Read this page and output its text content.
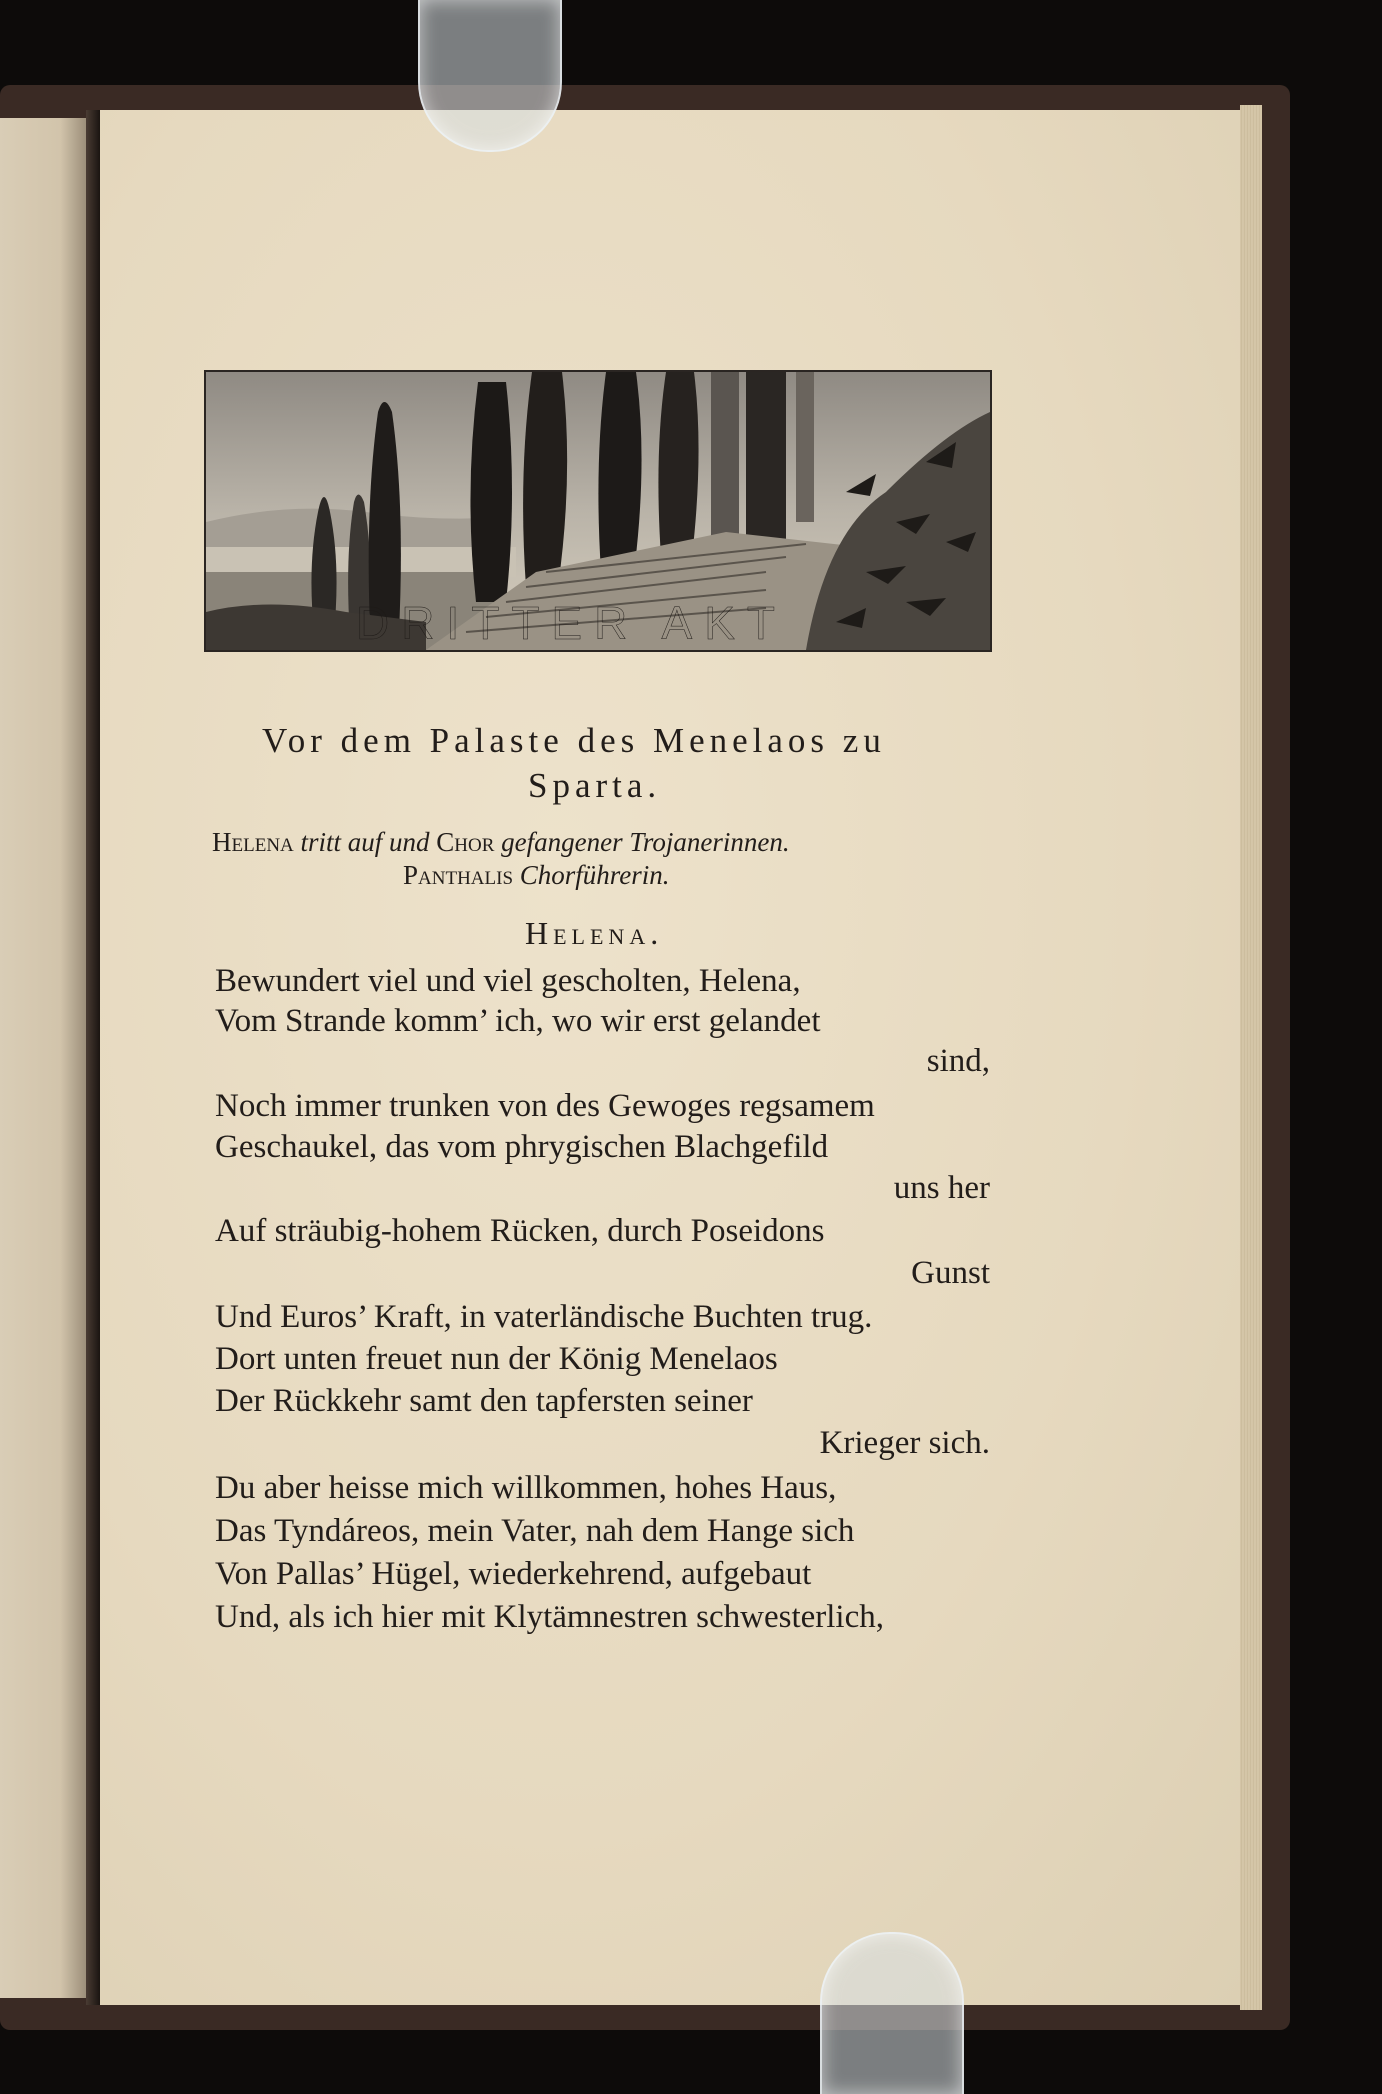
DRITTER AKT
Vor dem Palaste des Menelaos zu
Sparta.
Helena tritt auf und Chor gefangener Trojanerinnen.
Panthalis Chorführerin.
Helena.
Bewundert viel und viel gescholten, Helena,
Vom Strande komm’ ich, wo wir erst gelandet
sind,
Noch immer trunken von des Gewoges regsamem
Geschaukel, das vom phrygischen Blachgefild
uns her
Auf sträubig-hohem Rücken, durch Poseidons
Gunst
Und Euros’ Kraft, in vaterländische Buchten trug.
Dort unten freuet nun der König Menelaos
Der Rückkehr samt den tapfersten seiner
Krieger sich.
Du aber heisse mich willkommen, hohes Haus,
Das Tyndáreos, mein Vater, nah dem Hange sich
Von Pallas’ Hügel, wiederkehrend, aufgebaut
Und, als ich hier mit Klytämnestren schwesterlich,
